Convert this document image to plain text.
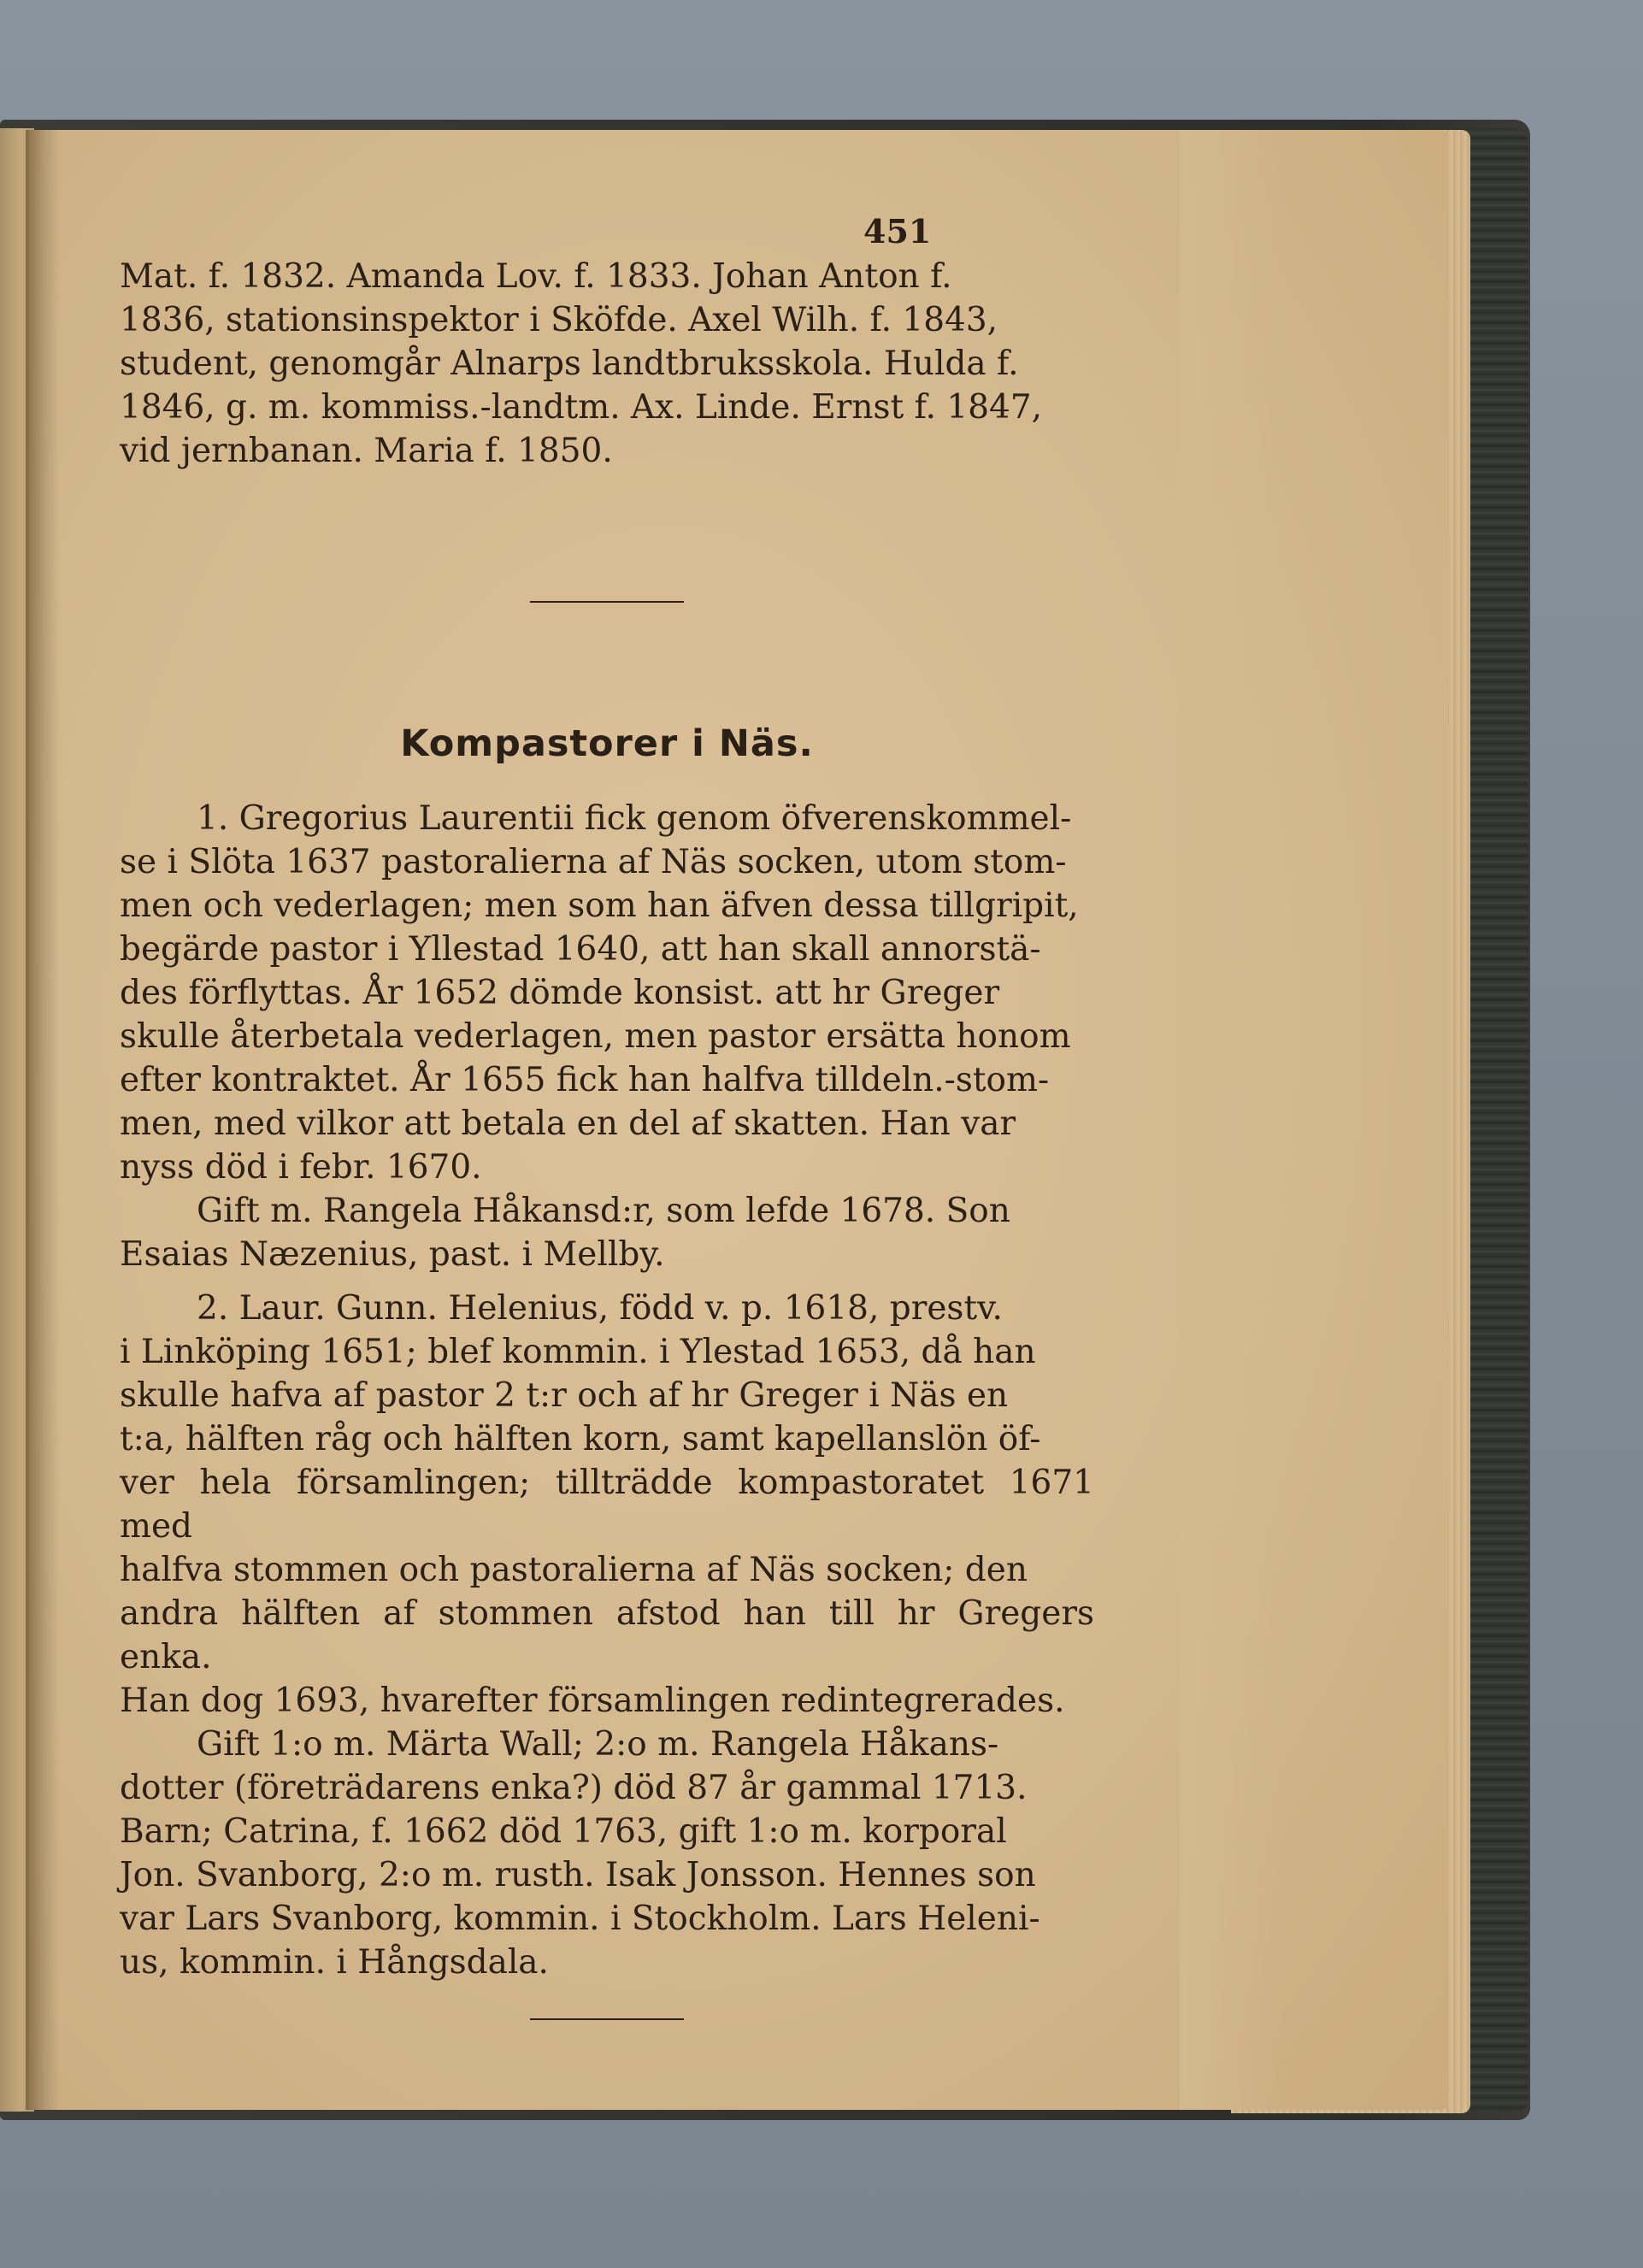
451
Mat. f. 1832. Amanda Lov. f. 1833. Johan Anton f.
1836, stationsinspektor i Sköfde. Axel Wilh. f. 1843,
student, genomgår Alnarps landtbruksskola. Hulda f.
1846, g. m. kommiss.-landtm. Ax. Linde. Ernst f. 1847,
vid jernbanan. Maria f. 1850.
Kompastorer i Näs.
1. Gregorius Laurentii fick genom öfverenskommel-
se i Slöta 1637 pastoralierna af Näs socken, utom stom-
men och vederlagen; men som han äfven dessa tillgripit,
begärde pastor i Yllestad 1640, att han skall annorstä-
des förflyttas. År 1652 dömde konsist. att hr Greger
skulle återbetala vederlagen, men pastor ersätta honom
efter kontraktet. År 1655 fick han halfva tilldeln.-stom-
men, med vilkor att betala en del af skatten. Han var
nyss död i febr. 1670.
Gift m. Rangela Håkansd:r, som lefde 1678. Son
Esaias Næzenius, past. i Mellby.
2. Laur. Gunn. Helenius, född v. p. 1618, prestv.
i Linköping 1651; blef kommin. i Ylestad 1653, då han
skulle hafva af pastor 2 t:r och af hr Greger i Näs en
t:a, hälften råg och hälften korn, samt kapellanslön öf-
ver hela församlingen; tillträdde kompastoratet 1671 med
halfva stommen och pastoralierna af Näs socken; den
andra hälften af stommen afstod han till hr Gregers enka.
Han dog 1693, hvarefter församlingen redintegrerades.
Gift 1:o m. Märta Wall; 2:o m. Rangela Håkans-
dotter (företrädarens enka?) död 87 år gammal 1713.
Barn; Catrina, f. 1662 död 1763, gift 1:o m. korporal
Jon. Svanborg, 2:o m. rusth. Isak Jonsson. Hennes son
var Lars Svanborg, kommin. i Stockholm. Lars Heleni-
us, kommin. i Hångsdala.
